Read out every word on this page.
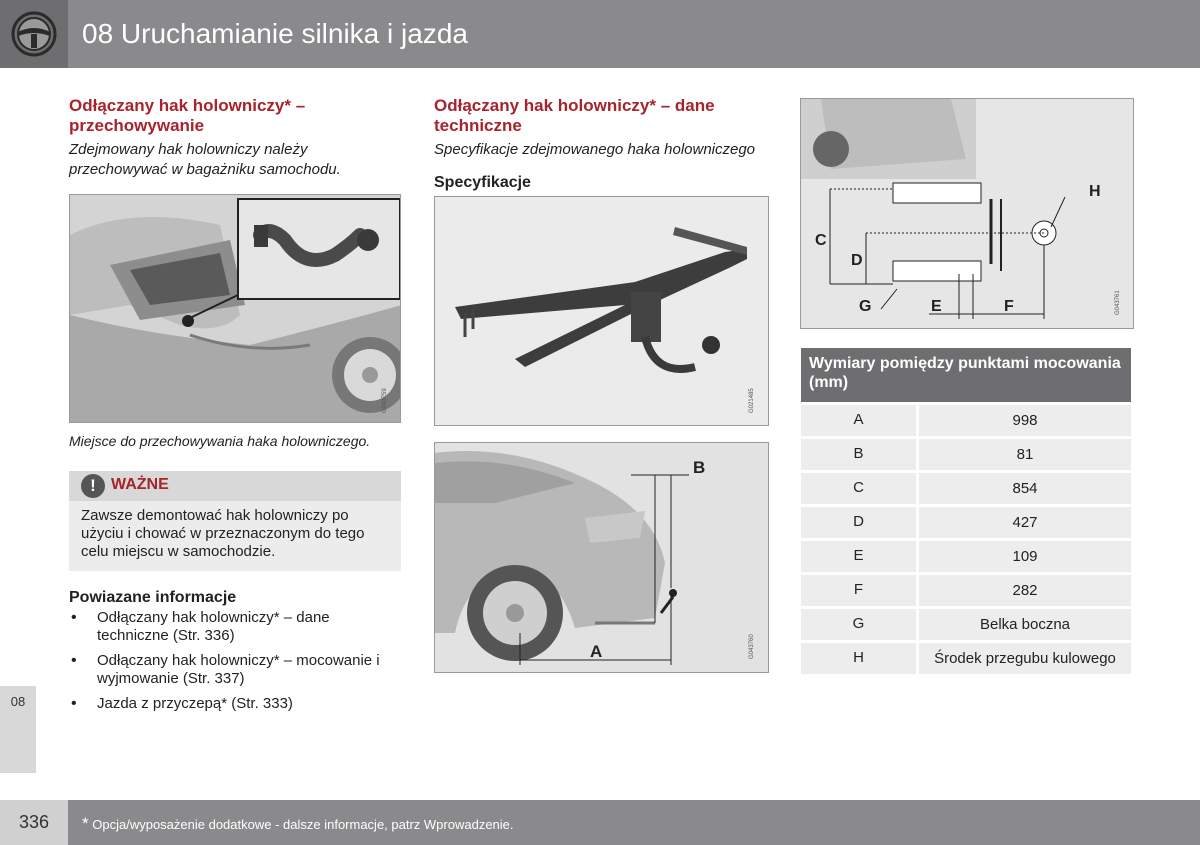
08 Uruchamianie silnika i jazda
08
Odłączany hak holowniczy* – przechowywanie
Zdejmowany hak holowniczy należy przechowywać w bagażniku samochodu.
G043759
Miejsce do przechowywania haka holowniczego.
! WAŻNE
Zawsze demontować hak holowniczy po użyciu i chować w przeznaczonym do tego celu miejscu w samochodzie.
Powiazane informacje
• Odłączany hak holowniczy* – dane techniczne (Str. 336)
• Odłączany hak holowniczy* – mocowanie i wyjmowanie (Str. 337)
• Jazda z przyczepą* (Str. 333)
Odłączany hak holowniczy* – dane techniczne
Specyfikacje zdejmowanego haka holowniczego
Specyfikacje
G021485
B
A	G043760
C
D
E	F
G
H
G043761
Wymiary pomiędzy punktami mocowania (mm)
A	998
B	81
C	854
D	427
E	109
F	282
G	Belka boczna
H	Środek przegubu kulowego
336	* Opcja/wyposażenie dodatkowe - dalsze informacje, patrz Wprowadzenie.
